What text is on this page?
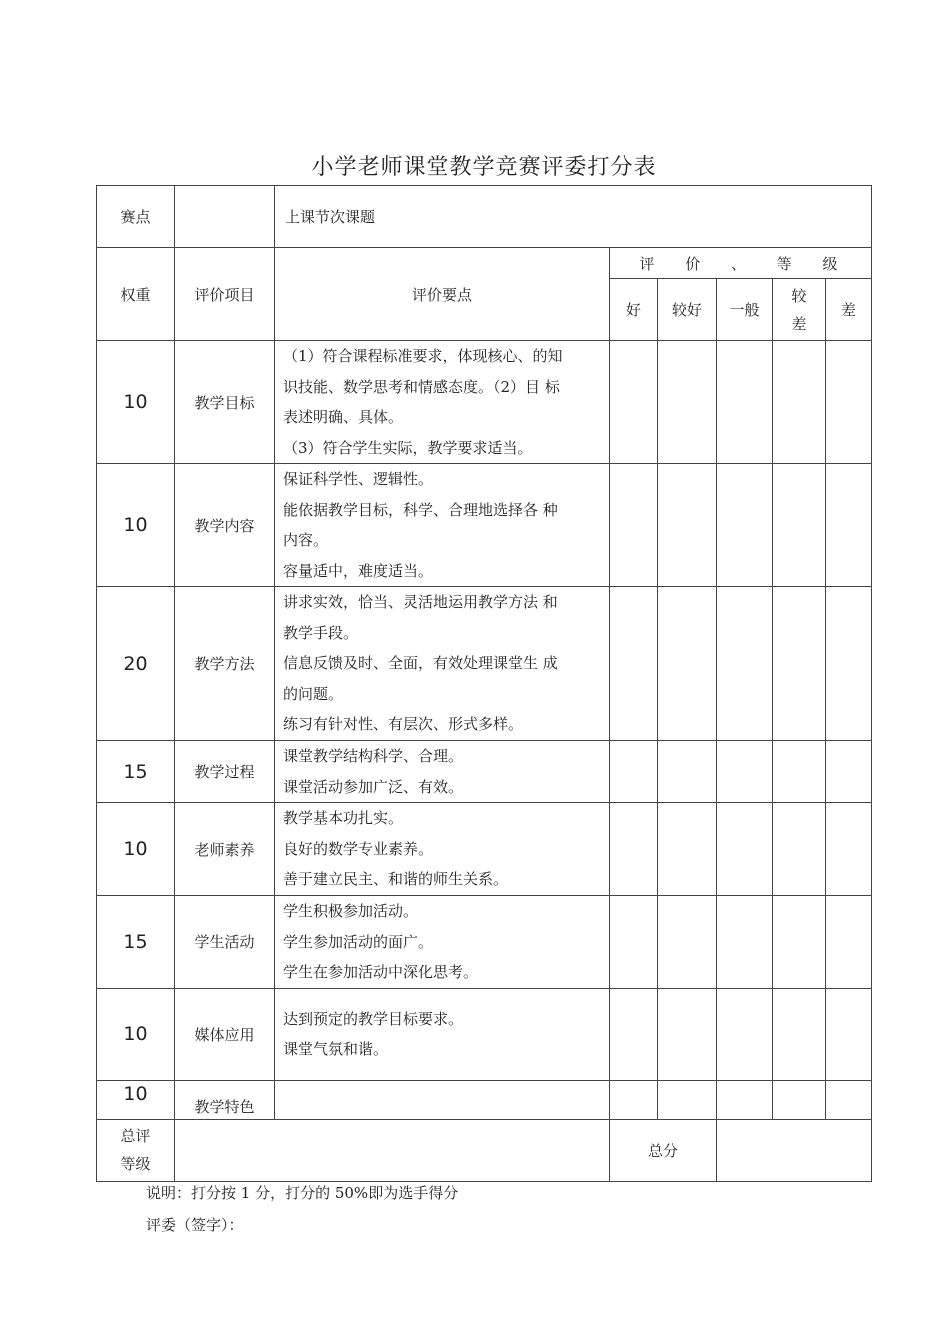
小学老师课堂教学竞赛评委打分表
赛点		上课节次课题					
权重	评价项目	评价要点	评 价 、 等 级				
			好	较好	一般	较差	差
10	教学目标	（1）符合课程标准要求，体现核心、的知
识技能、数学思考和情感态度。（2）目 标
表述明确、具体。
（3）符合学生实际，教学要求适当。					

10	教学内容	保证科学性、逻辑性。
能依据教学目标，科学、合理地选择各 种
内容。
容量适中，难度适当。					

20	教学方法	讲求实效，恰当、灵活地运用教学方法 和
教学手段。
信息反馈及时、全面，有效处理课堂生 成
的问题。
练习有针对性、有层次、形式多样。					

15	教学过程	课堂教学结构科学、合理。
课堂活动参加广泛、有效。					

10	老师素养	教学基本功扎实。
良好的数学专业素养。
善于建立民主、和谐的师生关系。					

15	学生活动	学生积极参加活动。
学生参加活动的面广。
学生在参加活动中深化思考。					

10	媒体应用	达到预定的教学目标要求。
课堂气氛和谐。					

10	教学特色						

总评
等级			总分				
说明：打分按 1 分，打分的 50%即为选手得分
评委（签字）：
